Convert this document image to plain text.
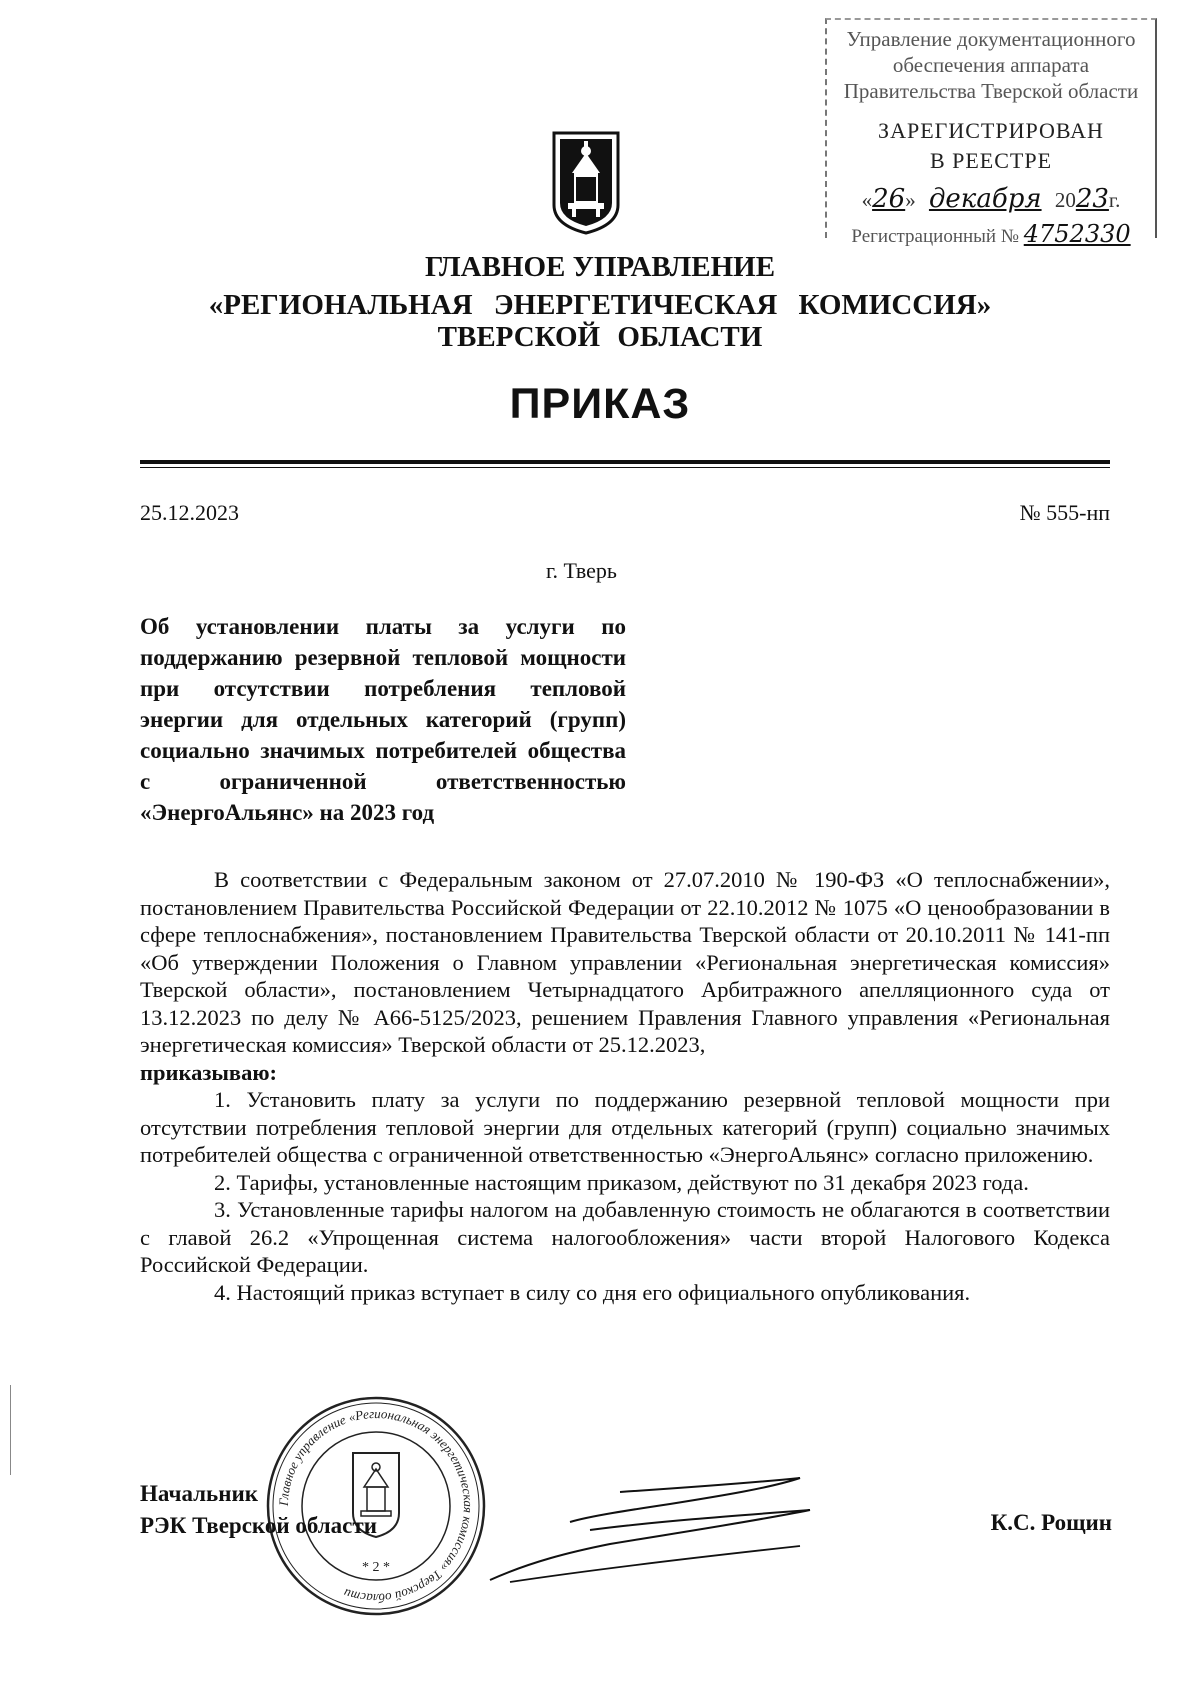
Управление документационного
обеспечения аппарата
Правительства Тверской области
ЗАРЕГИСТРИРОВАН
В РЕЕСТРЕ
«26» декабря 2023г.
Регистрационный № 4752330
ГЛАВНОЕ УПРАВЛЕНИЕ
«РЕГИОНАЛЬНАЯ ЭНЕРГЕТИЧЕСКАЯ КОМИССИЯ»
ТВЕРСКОЙ ОБЛАСТИ
ПРИКАЗ
25.12.2023	№ 555-нп
г. Тверь
Об установлении платы за услуги по поддержанию резервной тепловой мощности при отсутствии потребления тепловой энергии для отдельных категорий (групп) социально значимых потребителей общества с ограниченной ответственностью «ЭнергоАльянс» на 2023 год

В соответствии с Федеральным законом от 27.07.2010 № 190-ФЗ «О теплоснабжении», постановлением Правительства Российской Федерации от 22.10.2012 № 1075 «О ценообразовании в сфере теплоснабжения», постановлением Правительства Тверской области от 20.10.2011 № 141-пп «Об утверждении Положения о Главном управлении «Региональная энергетическая комиссия» Тверской области», постановлением Четырнадцатого Арбитражного апелляционного суда от 13.12.2023 по делу № А66-5125/2023, решением Правления Главного управления «Региональная энергетическая комиссия» Тверской области от 25.12.2023,

приказываю:

1. Установить плату за услуги по поддержанию резервной тепловой мощности при отсутствии потребления тепловой энергии для отдельных категорий (групп) социально значимых потребителей общества с ограниченной ответственностью «ЭнергоАльянс» согласно приложению.

2. Тарифы, установленные настоящим приказом, действуют по 31 декабря 2023 года.

3. Установленные тарифы налогом на добавленную стоимость не облагаются в соответствии с главой 26.2 «Упрощенная система налогообложения» части второй Налогового Кодекса Российской Федерации.

4. Настоящий приказ вступает в силу со дня его официального опубликования.

Главное управление «Региональная энергетическая комиссия» Тверской области
* 2 *
Начальник
РЭК Тверской области	К.С. Рощин
